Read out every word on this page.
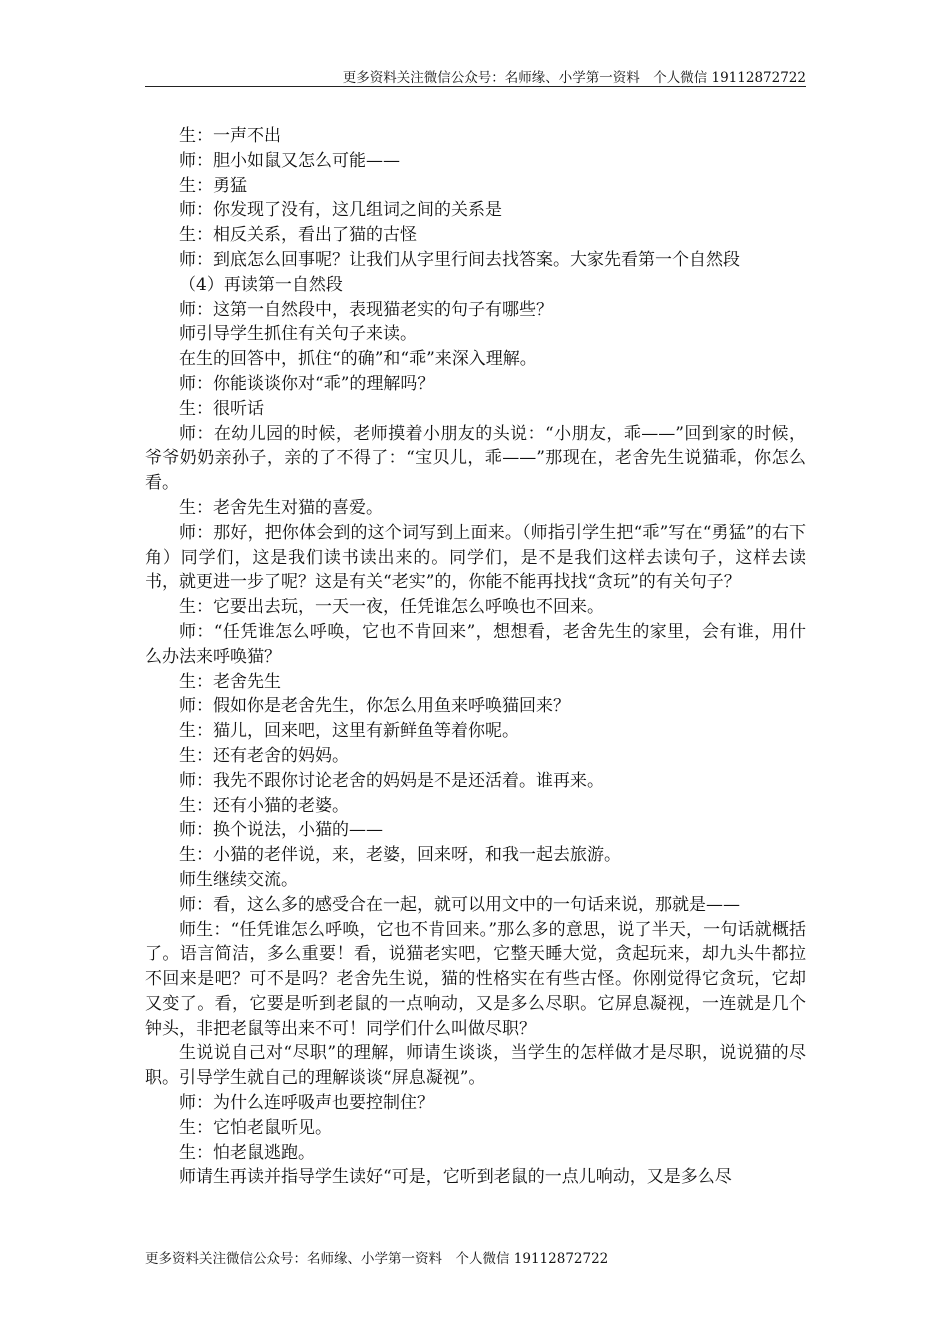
更多资料关注微信公众号：名师缘、小学第一资料　个人微信 19112872722

生：一声不出

师：胆小如鼠又怎么可能——

生：勇猛

师：你发现了没有，这几组词之间的关系是

生：相反关系，看出了猫的古怪

师：到底怎么回事呢？让我们从字里行间去找答案。大家先看第一个自然段

（4）再读第一自然段

师：这第一自然段中，表现猫老实的句子有哪些？

师引导学生抓住有关句子来读。

在生的回答中，抓住“的确”和“乖”来深入理解。

师：你能谈谈你对“乖”的理解吗？

生：很听话

师：在幼儿园的时候，老师摸着小朋友的头说：“小朋友，乖——”回到家的时候，爷爷奶奶亲孙子，亲的了不得了：“宝贝儿，乖——”那现在，老舍先生说猫乖，你怎么看。

生：老舍先生对猫的喜爱。

师：那好，把你体会到的这个词写到上面来。（师指引学生把“乖”写在“勇猛”的右下角）同学们，这是我们读书读出来的。同学们，是不是我们这样去读句子，这样去读书，就更进一步了呢？这是有关“老实”的，你能不能再找找“贪玩”的有关句子？

生：它要出去玩，一天一夜，任凭谁怎么呼唤也不回来。

师：“任凭谁怎么呼唤，它也不肯回来”，想想看，老舍先生的家里，会有谁，用什么办法来呼唤猫？

生：老舍先生

师：假如你是老舍先生，你怎么用鱼来呼唤猫回来？

生：猫儿，回来吧，这里有新鲜鱼等着你呢。

生：还有老舍的妈妈。

师：我先不跟你讨论老舍的妈妈是不是还活着。谁再来。

生：还有小猫的老婆。

师：换个说法，小猫的——

生：小猫的老伴说，来，老婆，回来呀，和我一起去旅游。

师生继续交流。

师：看，这么多的感受合在一起，就可以用文中的一句话来说，那就是——

师生：“任凭谁怎么呼唤，它也不肯回来。”那么多的意思，说了半天，一句话就概括了。语言简洁，多么重要！看，说猫老实吧，它整天睡大觉，贪起玩来，却九头牛都拉不回来是吧？可不是吗？老舍先生说，猫的性格实在有些古怪。你刚觉得它贪玩，它却又变了。看，它要是听到老鼠的一点响动，又是多么尽职。它屏息凝视，一连就是几个钟头，非把老鼠等出来不可！同学们什么叫做尽职？

生说说自己对“尽职”的理解，师请生谈谈，当学生的怎样做才是尽职，说说猫的尽职。引导学生就自己的理解谈谈“屏息凝视”。

师：为什么连呼吸声也要控制住？

生：它怕老鼠听见。

生：怕老鼠逃跑。

师请生再读并指导学生读好“可是，它听到老鼠的一点儿响动，又是多么尽

更多资料关注微信公众号：名师缘、小学第一资料　个人微信 19112872722
